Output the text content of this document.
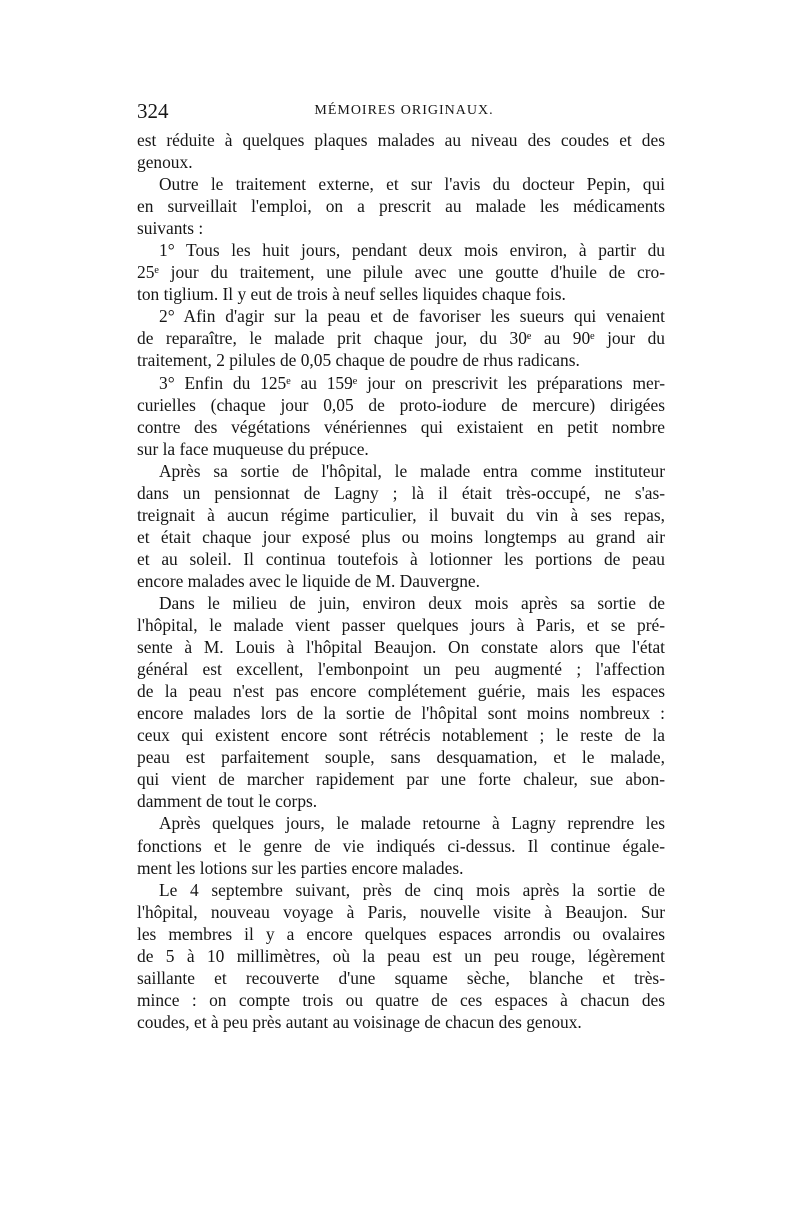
324	MÉMOIRES ORIGINAUX.
est réduite à quelques plaques malades au niveau des coudes et des
genoux.
Outre le traitement externe, et sur l'avis du docteur Pepin, qui
en surveillait l'emploi, on a prescrit au malade les médicaments
suivants :
1° Tous les huit jours, pendant deux mois environ, à partir du
25ᵉ jour du traitement, une pilule avec une goutte d'huile de cro-
ton tiglium. Il y eut de trois à neuf selles liquides chaque fois.
2° Afin d'agir sur la peau et de favoriser les sueurs qui venaient
de reparaître, le malade prit chaque jour, du 30ᵉ au 90ᵉ jour du
traitement, 2 pilules de 0,05 chaque de poudre de rhus radicans.
3° Enfin du 125ᵉ au 159ᵉ jour on prescrivit les préparations mer-
curielles (chaque jour 0,05 de proto-iodure de mercure) dirigées
contre des végétations vénériennes qui existaient en petit nombre
sur la face muqueuse du prépuce.
Après sa sortie de l'hôpital, le malade entra comme instituteur
dans un pensionnat de Lagny ; là il était très-occupé, ne s'as-
treignait à aucun régime particulier, il buvait du vin à ses repas,
et était chaque jour exposé plus ou moins longtemps au grand air
et au soleil. Il continua toutefois à lotionner les portions de peau
encore malades avec le liquide de M. Dauvergne.
Dans le milieu de juin, environ deux mois après sa sortie de
l'hôpital, le malade vient passer quelques jours à Paris, et se pré-
sente à M. Louis à l'hôpital Beaujon. On constate alors que l'état
général est excellent, l'embonpoint un peu augmenté ; l'affection
de la peau n'est pas encore complétement guérie, mais les espaces
encore malades lors de la sortie de l'hôpital sont moins nombreux :
ceux qui existent encore sont rétrécis notablement ; le reste de la
peau est parfaitement souple, sans desquamation, et le malade,
qui vient de marcher rapidement par une forte chaleur, sue abon-
damment de tout le corps.
Après quelques jours, le malade retourne à Lagny reprendre les
fonctions et le genre de vie indiqués ci-dessus. Il continue égale-
ment les lotions sur les parties encore malades.
Le 4 septembre suivant, près de cinq mois après la sortie de
l'hôpital, nouveau voyage à Paris, nouvelle visite à Beaujon. Sur
les membres il y a encore quelques espaces arrondis ou ovalaires
de 5 à 10 millimètres, où la peau est un peu rouge, légèrement
saillante et recouverte d'une squame sèche, blanche et très-
mince : on compte trois ou quatre de ces espaces à chacun des
coudes, et à peu près autant au voisinage de chacun des genoux.
